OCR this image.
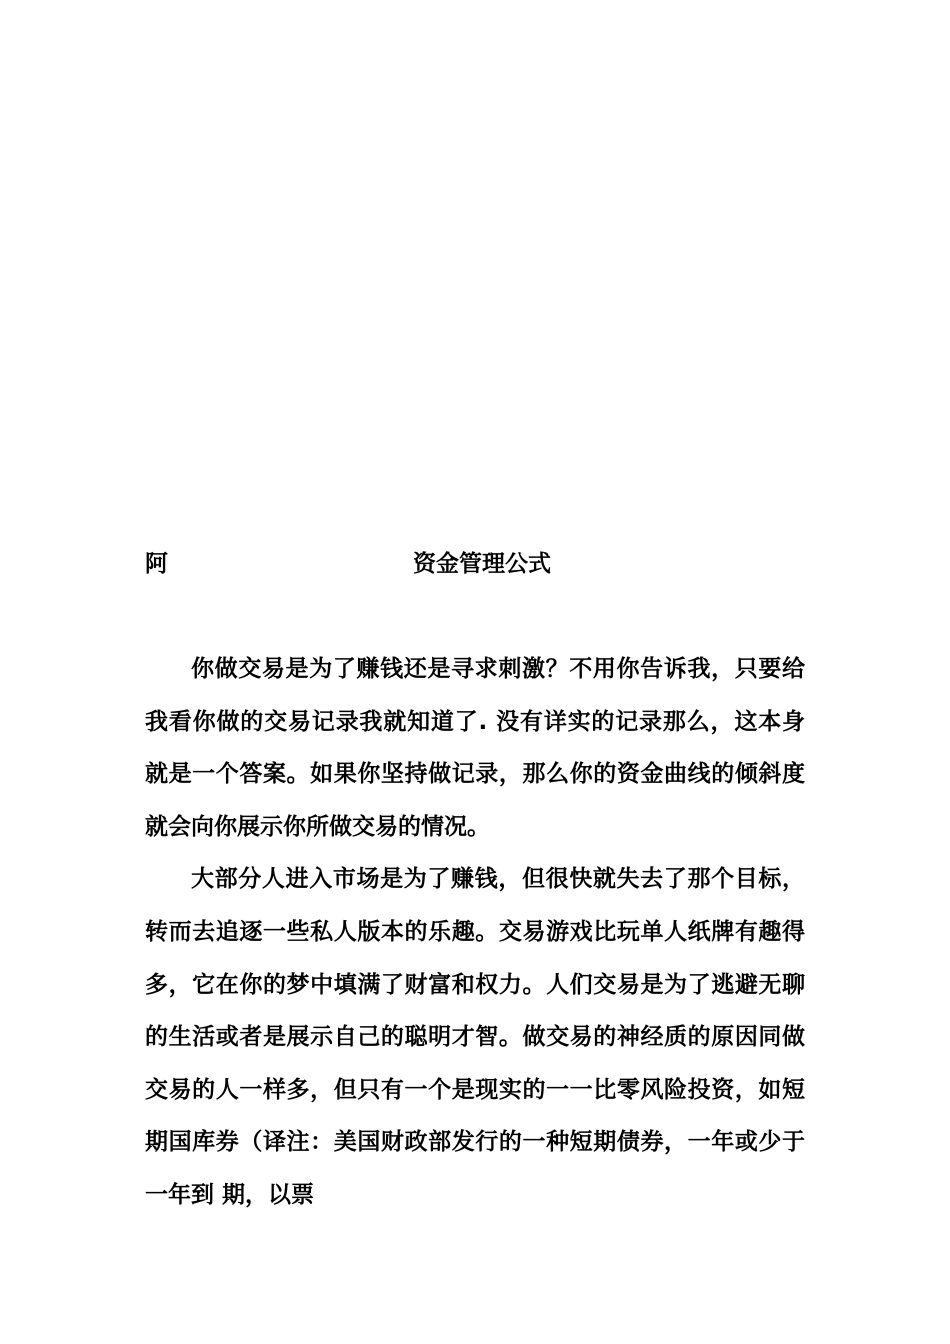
阿	资金管理公式

你做交易是为了赚钱还是寻求刺激？不用你告诉我，只要给我看你做的交易记录我就知道了. 没有详实的记录那么，这本身就是一个答案。如果你坚持做记录，那么你的资金曲线的倾斜度就会向你展示你所做交易的情况。

大部分人进入市场是为了赚钱，但很快就失去了那个目标，转而去追逐一些私人版本的乐趣。交易游戏比玩单人纸牌有趣得多，它在你的梦中填满了财富和权力。人们交易是为了逃避无聊的生活或者是展示自己的聪明才智。做交易的神经质的原因同做交易的人一样多，但只有一个是现实的一一比零风险投资，如短期国库券（译注：美国财政部发行的一种短期债券，一年或少于一年到 期，以票
